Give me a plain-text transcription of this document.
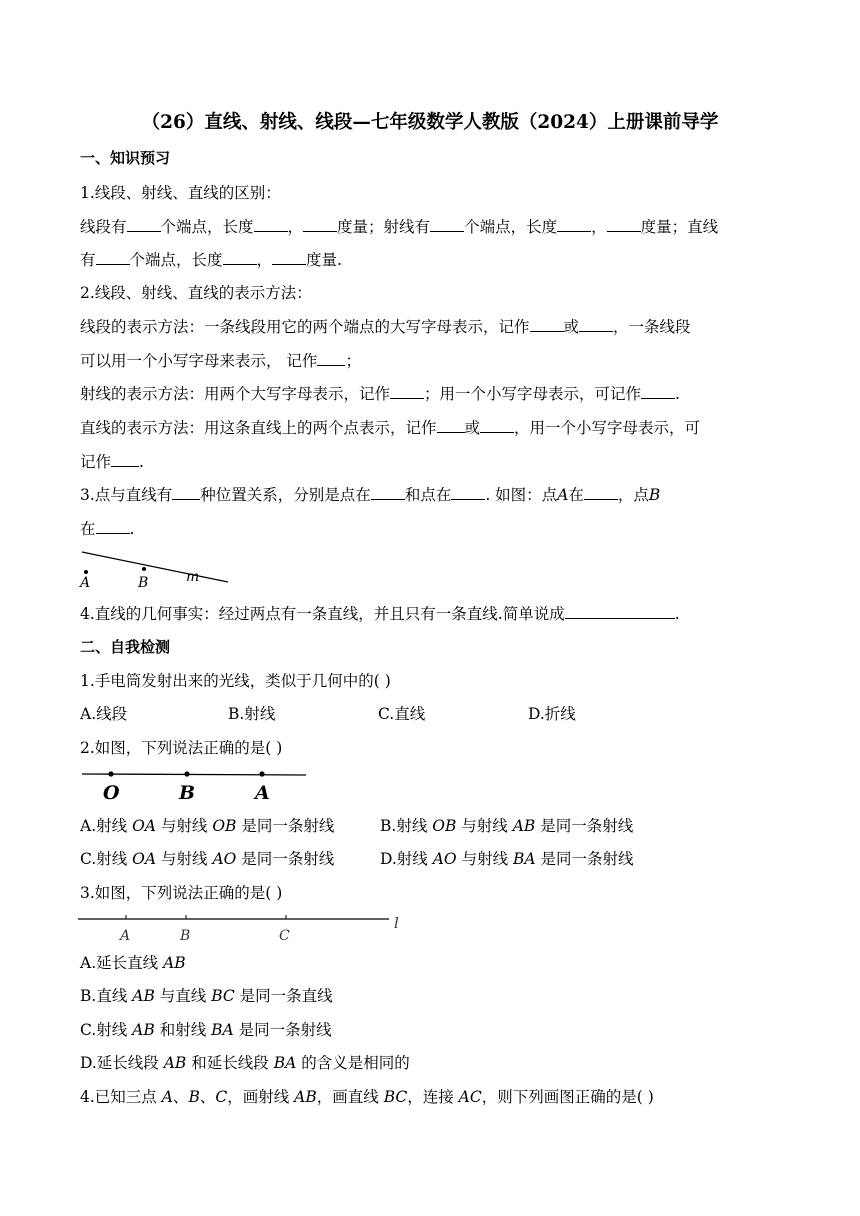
（26）直线、射线、线段—七年级数学人教版（2024）上册课前导学
一、知识预习
1.线段、射线、直线的区别：
线段有 个端点，长度 ， 度量；射线有 个端点，长度 ， 度量；直线
有 个端点，长度 ， 度量.
2.线段、射线、直线的表示方法：
线段的表示方法：一条线段用它的两个端点的大写字母表示，记作 或 ，一条线段
可以用一个小写字母来表示， 记作 ；
射线的表示方法：用两个大写字母表示，记作 ；用一个小写字母表示，可记作 .
直线的表示方法：用这条直线上的两个点表示，记作 或 ，用一个小写字母表示，可
记作 .
3.点与直线有 种位置关系，分别是点在 和点在 . 如图：点A在 ，点B
在 .
A	B	m
4.直线的几何事实：经过两点有一条直线，并且只有一条直线.简单说成	.
二、自我检测
1.手电筒发射出来的光线，类似于几何中的( )
A.线段	B.射线	C.直线	D.折线
2.如图，下列说法正确的是( )
O	B	A
A.射线 OA 与射线 OB 是同一条射线	B.射线 OB 与射线 AB 是同一条射线
C.射线 OA 与射线 AO 是同一条射线	D.射线 AO 与射线 BA 是同一条射线
3.如图，下列说法正确的是( )
A	B	C
l
A.延长直线 AB
B.直线 AB 与直线 BC 是同一条直线
C.射线 AB 和射线 BA 是同一条射线
D.延长线段 AB 和延长线段 BA 的含义是相同的
4.已知三点 A、B、C，画射线 AB，画直线 BC，连接 AC，则下列画图正确的是( )
